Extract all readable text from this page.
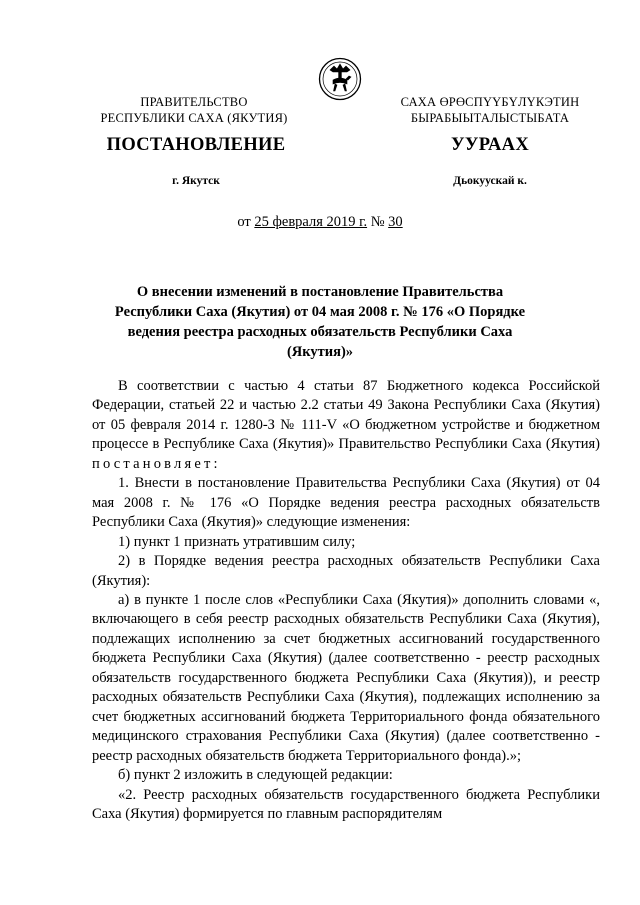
ПРАВИТЕЛЬСТВО
РЕСПУБЛИКИ САХА (ЯКУТИЯ)
САХА ӨРӨСПҮҮБҮЛҮКЭТИН
БЫРАБЫЫТАЛЫСТЫБАТА
ПОСТАНОВЛЕНИЕ	УУРААХ
г. Якутск	Дьокуускай к.
от 25 февраля 2019 г. № 30
О внесении изменений в постановление Правительства Республики Саха (Якутия) от 04 мая 2008 г. № 176 «О Порядке ведения реестра расходных обязательств Республики Саха (Якутия)»

В соответствии с частью 4 статьи 87 Бюджетного кодекса Российской Федерации, статьей 22 и частью 2.2 статьи 49 Закона Республики Саха (Якутия) от 05 февраля 2014 г. 1280-З № 111-V «О бюджетном устройстве и бюджетном процессе в Республике Саха (Якутия)» Правительство Республики Саха (Якутия) постановляет:

1. Внести в постановление Правительства Республики Саха (Якутия) от 04 мая 2008 г. № 176 «О Порядке ведения реестра расходных обязательств Республики Саха (Якутия)» следующие изменения:

1) пункт 1 признать утратившим силу;

2) в Порядке ведения реестра расходных обязательств Республики Саха (Якутия):

а) в пункте 1 после слов «Республики Саха (Якутия)» дополнить словами «, включающего в себя реестр расходных обязательств Республики Саха (Якутия), подлежащих исполнению за счет бюджетных ассигнований государственного бюджета Республики Саха (Якутия) (далее соответственно - реестр расходных обязательств государственного бюджета Республики Саха (Якутия)), и реестр расходных обязательств Республики Саха (Якутия), подлежащих исполнению за счет бюджетных ассигнований бюджета Территориального фонда обязательного медицинского страхования Республики Саха (Якутия) (далее соответственно - реестр расходных обязательств бюджета Территориального фонда).»;

б) пункт 2 изложить в следующей редакции:

«2. Реестр расходных обязательств государственного бюджета Республики Саха (Якутия) формируется по главным распорядителям
